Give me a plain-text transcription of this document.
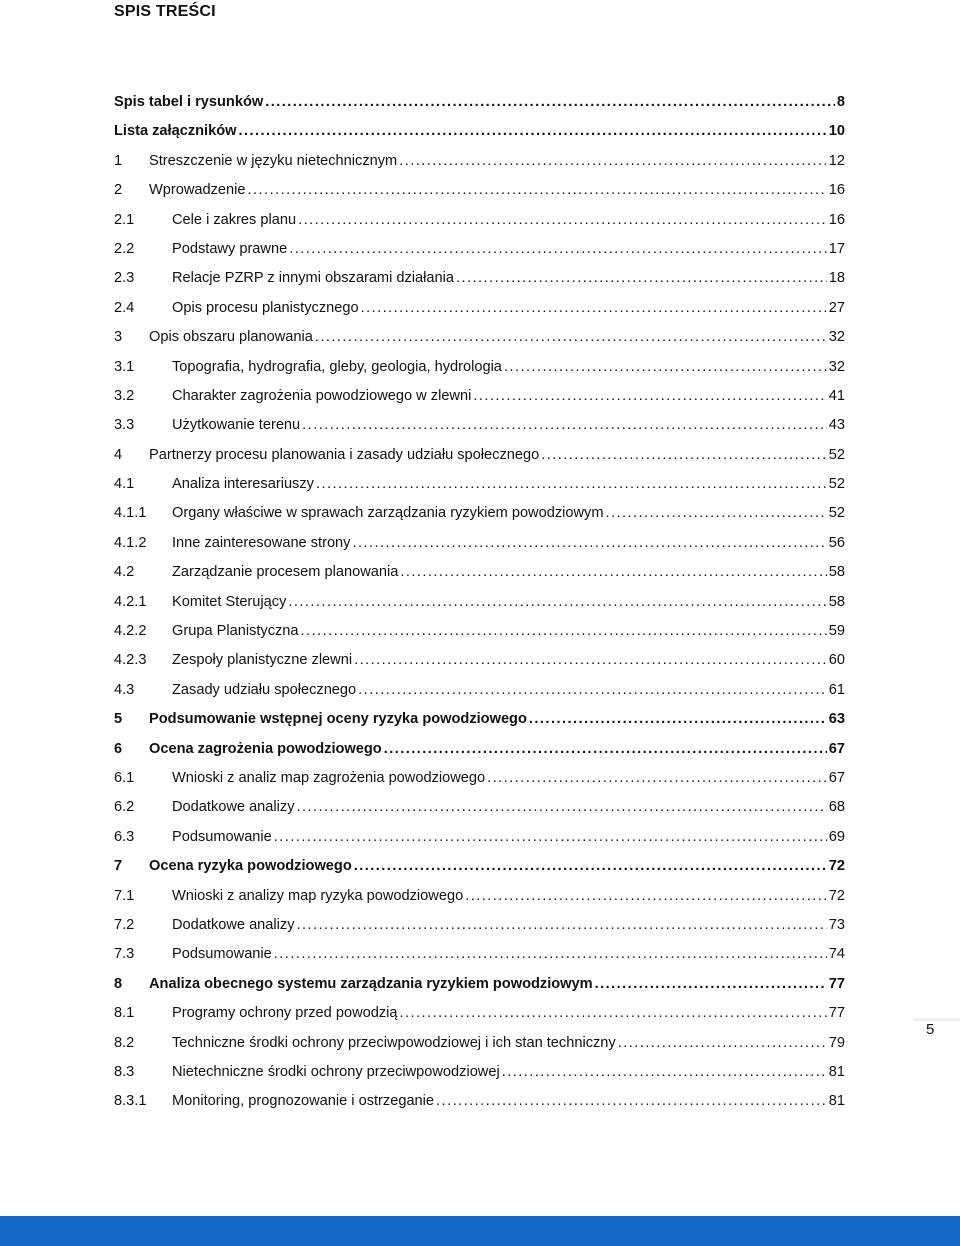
SPIS TREŚCI
Spis tabel i rysunków . . .	8
Lista załączników . . .	10
1	Streszczenie w języku nietechnicznym . . .	12
2	Wprowadzenie . . .	16
2.1	Cele i zakres planu . . .	16
2.2	Podstawy prawne . . .	17
2.3	Relacje PZRP z innymi obszarami działania . . .	18
2.4	Opis procesu planistycznego . . .	27
3	Opis obszaru planowania . . .	32
3.1	Topografia, hydrografia, gleby, geologia, hydrologia . . .	32
3.2	Charakter zagrożenia powodziowego w zlewni . . .	41
3.3	Użytkowanie terenu . . .	43
4	Partnerzy procesu planowania i zasady udziału społecznego . . .	52
4.1	Analiza interesariuszy . . .	52
4.1.1	Organy właściwe w sprawach zarządzania ryzykiem powodziowym . . .	52
4.1.2	Inne zainteresowane strony . . .	56
4.2	Zarządzanie procesem planowania . . .	58
4.2.1	Komitet Sterujący . . .	58
4.2.2	Grupa Planistyczna . . .	59
4.2.3	Zespoły planistyczne zlewni . . .	60
4.3	Zasady udziału społecznego . . .	61
5	Podsumowanie wstępnej oceny ryzyka powodziowego . . .	63
6	Ocena zagrożenia powodziowego . . .	67
6.1	Wnioski z analiz map zagrożenia powodziowego . . .	67
6.2	Dodatkowe analizy . . .	68
6.3	Podsumowanie . . .	69
7	Ocena ryzyka powodziowego . . .	72
7.1	Wnioski z analizy map ryzyka powodziowego . . .	72
7.2	Dodatkowe analizy . . .	73
7.3	Podsumowanie . . .	74
8	Analiza obecnego systemu zarządzania ryzykiem powodziowym . . .	77
8.1	Programy ochrony przed powodzią . . .	77
8.2	Techniczne środki ochrony przeciwpowodziowej i ich stan techniczny . . .	79
8.3	Nietechniczne środki ochrony przeciwpowodziowej . . .	81
8.3.1	Monitoring, prognozowanie i ostrzeganie . . .	81
5
